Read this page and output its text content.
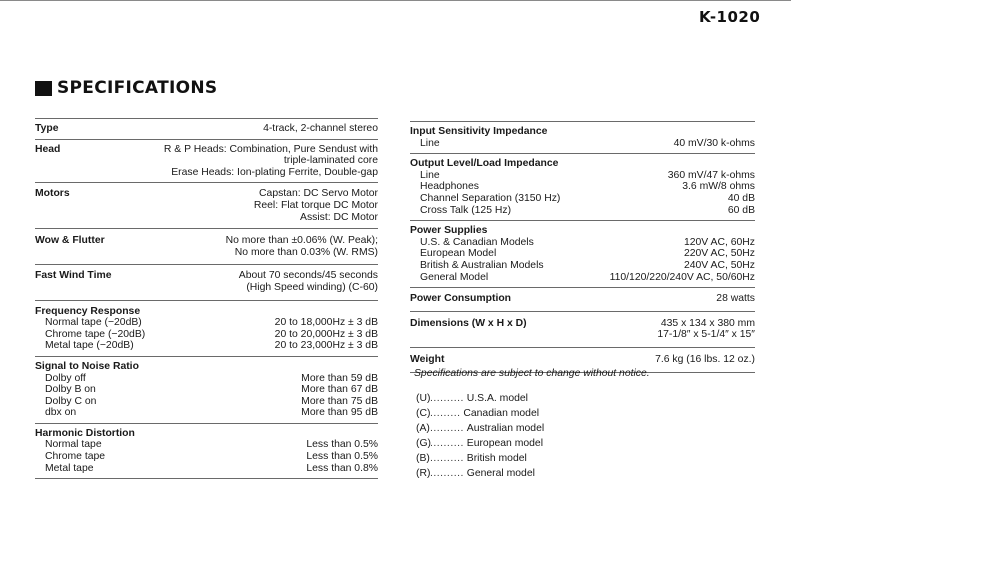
K-1020
SPECIFICATIONS
Type	4-track, 2-channel stereo
Head	R & P Heads: Combination, Pure Sendust with
triple-laminated core
Erase Heads: Ion-plating Ferrite, Double-gap
Motors	Capstan: DC Servo Motor
Reel: Flat torque DC Motor
Assist: DC Motor
Wow & Flutter	No more than ±0.06% (W. Peak);
No more than 0.03% (W. RMS)
Fast Wind Time	About 70 seconds/45 seconds
(High Speed winding) (C-60)
Frequency Response
Normal tape (−20dB)	20 to 18,000Hz ± 3 dB
Chrome tape (−20dB)	20 to 20,000Hz ± 3 dB
Metal tape (−20dB)	20 to 23,000Hz ± 3 dB
Signal to Noise Ratio
Dolby off	More than 59 dB
Dolby B on	More than 67 dB
Dolby C on	More than 75 dB
dbx on	More than 95 dB
Harmonic Distortion
Normal tape	Less than 0.5%
Chrome tape	Less than 0.5%
Metal tape	Less than 0.8%
Input Sensitivity Impedance
Line	40 mV/30 k-ohms
Output Level/Load Impedance
Line	360 mV/47 k-ohms
Headphones	3.6 mW/8 ohms
Channel Separation (3150 Hz)	40 dB
Cross Talk (125 Hz)	60 dB
Power Supplies
U.S. & Canadian Models	120V AC, 60Hz
European Model	220V AC, 50Hz
British & Australian Models	240V AC, 50Hz
General Model	110/120/220/240V AC, 50/60Hz
Power Consumption	28 watts
Dimensions (W x H x D)	435 x 134 x 380 mm
17-1/8″ x 5-1/4″ x 15″
Weight	7.6 kg (16 lbs. 12 oz.)
Specifications are subject to change without notice.
(U) ..........
U.S.A. model
(C) .........
Canadian model
(A) ..........
Australian model
(G)
..........
European model
(B) ..........
British model
(R) ..........
General model
